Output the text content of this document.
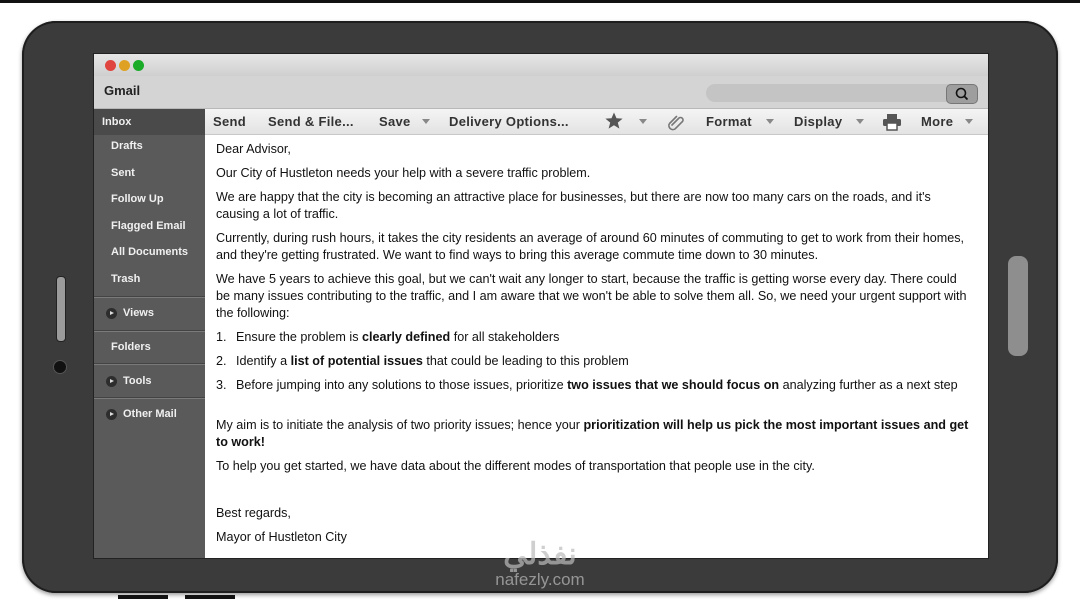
Gmail
Inbox
Drafts
Sent
Follow Up
Flagged Email
All Documents
Trash
Views
Folders
Tools
Other Mail
Send Send & File... Save	Delivery Options...	Format	Display	More

Dear Advisor,

Our City of Hustleton needs your help with a severe traffic problem.

We are happy that the city is becoming an attractive place for businesses, but there are now too many cars on the roads, and it's causing a lot of traffic.

Currently, during rush hours, it takes the city residents an average of around 60 minutes of commuting to get to work from their homes, and they're getting frustrated. We want to find ways to bring this average commute time down to 30 minutes.

We have 5 years to achieve this goal, but we can't wait any longer to start, because the traffic is getting worse every day. There could be many issues contributing to the traffic, and I am aware that we won't be able to solve them all. So, we need your urgent support with the following:

1. Ensure the problem is clearly defined for all stakeholders
2. Identify a list of potential issues that could be leading to this problem
3. Before jumping into any solutions to those issues, prioritize two issues that we should focus on analyzing further as a next step

My aim is to initiate the analysis of two priority issues; hence your prioritization will help us pick the most important issues and get to work!

To help you get started, we have data about the different modes of transportation that people use in the city.

Best regards,

Mayor of Hustleton City

نفذلي
nafezly.com
